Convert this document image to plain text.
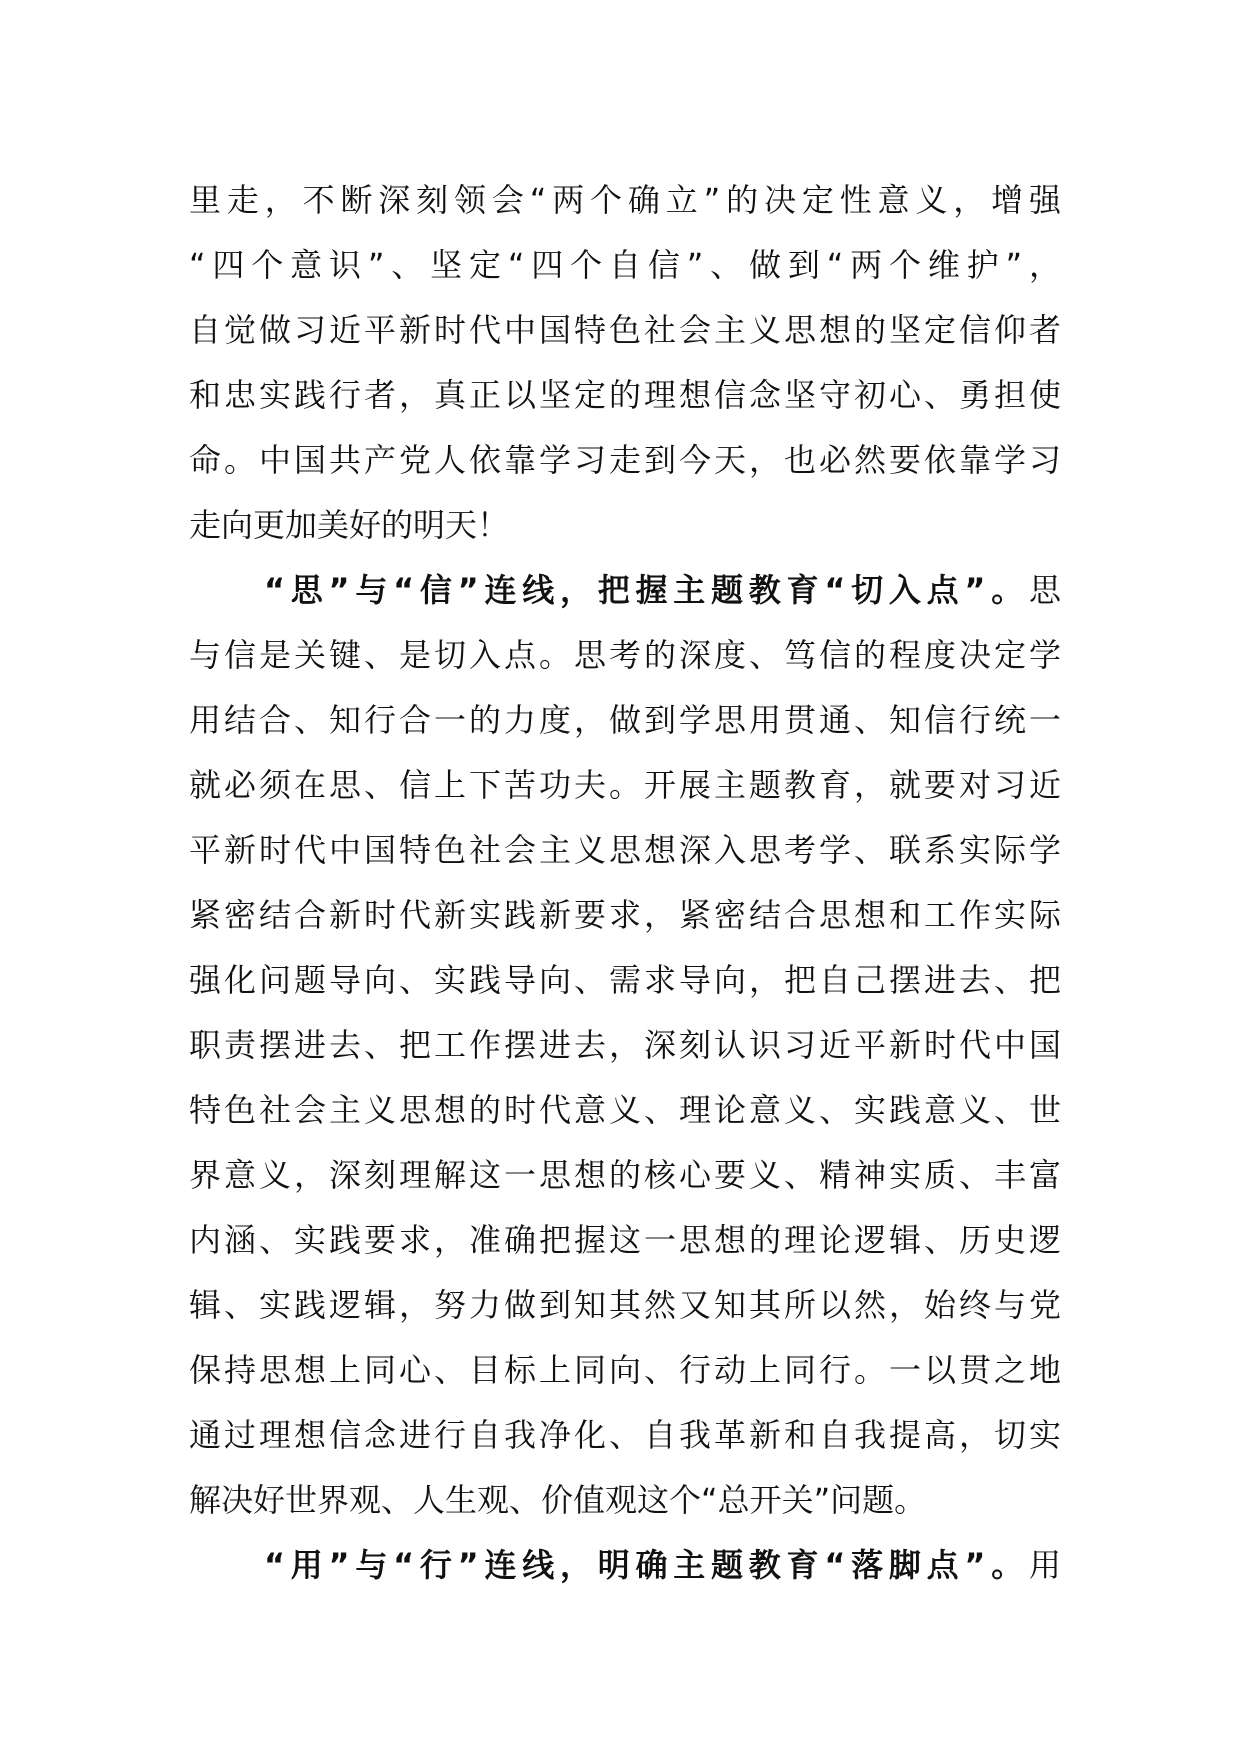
里走，不断深刻领会“两个确立”的决定性意义，增强
“四个意识”、坚定“四个自信”、做到“两个维护”，
自觉做习近平新时代中国特色社会主义思想的坚定信仰者
和忠实践行者，真正以坚定的理想信念坚守初心、勇担使
命。中国共产党人依靠学习走到今天，也必然要依靠学习
走向更加美好的明天！
“思”与“信”连线，把握主题教育“切入点”。思
与信是关键、是切入点。思考的深度、笃信的程度决定学
用结合、知行合一的力度，做到学思用贯通、知信行统一
就必须在思、信上下苦功夫。开展主题教育，就要对习近
平新时代中国特色社会主义思想深入思考学、联系实际学
紧密结合新时代新实践新要求，紧密结合思想和工作实际
强化问题导向、实践导向、需求导向，把自己摆进去、把
职责摆进去、把工作摆进去，深刻认识习近平新时代中国
特色社会主义思想的时代意义、理论意义、实践意义、世
界意义，深刻理解这一思想的核心要义、精神实质、丰富
内涵、实践要求，准确把握这一思想的理论逻辑、历史逻
辑、实践逻辑，努力做到知其然又知其所以然，始终与党
保持思想上同心、目标上同向、行动上同行。一以贯之地
通过理想信念进行自我净化、自我革新和自我提高，切实
解决好世界观、人生观、价值观这个“总开关”问题。
“用”与“行”连线，明确主题教育“落脚点”。用
